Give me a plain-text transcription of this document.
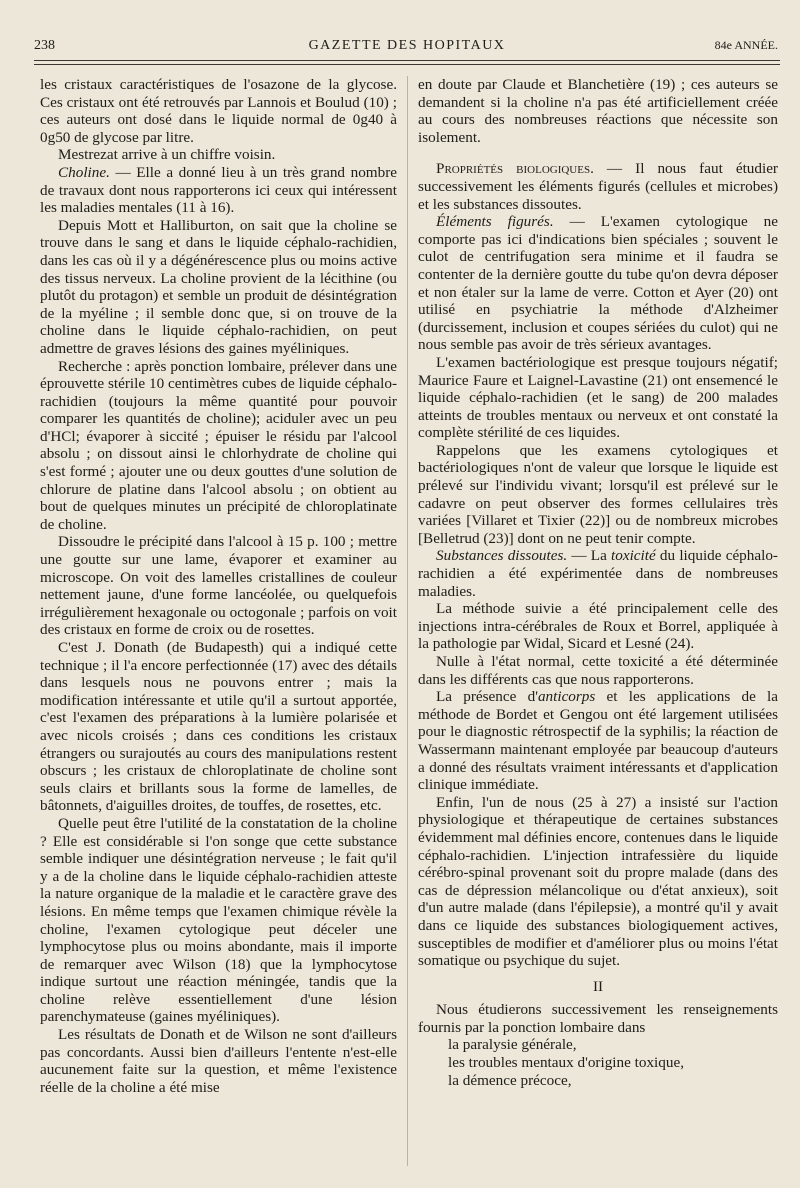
238	GAZETTE DES HOPITAUX	84e ANNÉE.

les cristaux caractéristiques de l'osazone de la glycose. Ces cristaux ont été retrouvés par Lannois et Boulud (10) ; ces auteurs ont dosé dans le liquide normal de 0g40 à 0g50 de glycose par litre.

Mestrezat arrive à un chiffre voisin.

Choline. — Elle a donné lieu à un très grand nombre de travaux dont nous rapporterons ici ceux qui intéressent les maladies mentales (11 à 16).

Depuis Mott et Halliburton, on sait que la choline se trouve dans le sang et dans le liquide céphalo-rachidien, dans les cas où il y a dégénérescence plus ou moins active des tissus nerveux. La choline provient de la lécithine (ou plutôt du protagon) et semble un produit de désintégration de la myéline ; il semble donc que, si on trouve de la choline dans le liquide céphalo-rachidien, on peut admettre de graves lésions des gaines myéliniques.

Recherche : après ponction lombaire, prélever dans une éprouvette stérile 10 centimètres cubes de liquide céphalo-rachidien (toujours la même quantité pour pouvoir comparer les quantités de choline); aciduler avec un peu d'HCl; évaporer à siccité ; épuiser le résidu par l'alcool absolu ; on dissout ainsi le chlorhydrate de choline qui s'est formé ; ajouter une ou deux gouttes d'une solution de chlorure de platine dans l'alcool absolu ; on obtient au bout de quelques minutes un précipité de chloroplatinate de choline.

Dissoudre le précipité dans l'alcool à 15 p. 100 ; mettre une goutte sur une lame, évaporer et examiner au microscope. On voit des lamelles cristallines de couleur nettement jaune, d'une forme lancéolée, ou quelquefois irrégulièrement hexagonale ou octogonale ; parfois on voit des cristaux en forme de croix ou de rosettes.

C'est J. Donath (de Budapesth) qui a indiqué cette technique ; il l'a encore perfectionnée (17) avec des détails dans lesquels nous ne pouvons entrer ; mais la modification intéressante et utile qu'il a surtout apportée, c'est l'examen des préparations à la lumière polarisée et avec nicols croisés ; dans ces conditions les cristaux étrangers ou surajoutés au cours des manipulations restent obscurs ; les cristaux de chloroplatinate de choline sont seuls clairs et brillants sous la forme de lamelles, de bâtonnets, d'aiguilles droites, de touffes, de rosettes, etc.

Quelle peut être l'utilité de la constatation de la choline ? Elle est considérable si l'on songe que cette substance semble indiquer une désintégration nerveuse ; le fait qu'il y a de la choline dans le liquide céphalo-rachidien atteste la nature organique de la maladie et le caractère grave des lésions. En même temps que l'examen chimique révèle la choline, l'examen cytologique peut déceler une lymphocytose plus ou moins abondante, mais il importe de remarquer avec Wilson (18) que la lymphocytose indique surtout une réaction méningée, tandis que la choline relève essentiellement d'une lésion parenchymateuse (gaines myéliniques).

Les résultats de Donath et de Wilson ne sont d'ailleurs pas concordants. Aussi bien d'ailleurs l'entente n'est-elle aucunement faite sur la question, et même l'existence réelle de la choline a été mise

en doute par Claude et Blanchetière (19) ; ces auteurs se demandent si la choline n'a pas été artificiellement créée au cours des nombreuses réactions que nécessite son isolement.

Propriétés biologiques. — Il nous faut étudier successivement les éléments figurés (cellules et microbes) et les substances dissoutes.

Éléments figurés. — L'examen cytologique ne comporte pas ici d'indications bien spéciales ; souvent le culot de centrifugation sera minime et il faudra se contenter de la dernière goutte du tube qu'on devra déposer et non étaler sur la lame de verre. Cotton et Ayer (20) ont utilisé en psychiatrie la méthode d'Alzheimer (durcissement, inclusion et coupes sériées du culot) qui ne nous semble pas avoir de très sérieux avantages.

L'examen bactériologique est presque toujours négatif; Maurice Faure et Laignel-Lavastine (21) ont ensemencé le liquide céphalo-rachidien (et le sang) de 200 malades atteints de troubles mentaux ou nerveux et ont constaté la complète stérilité de ces liquides.

Rappelons que les examens cytologiques et bactériologiques n'ont de valeur que lorsque le liquide est prélevé sur l'individu vivant; lorsqu'il est prélevé sur le cadavre on peut observer des formes cellulaires très variées [Villaret et Tixier (22)] ou de nombreux microbes [Belletrud (23)] dont on ne peut tenir compte.

Substances dissoutes. — La toxicité du liquide céphalo-rachidien a été expérimentée dans de nombreuses maladies.

La méthode suivie a été principalement celle des injections intra-cérébrales de Roux et Borrel, appliquée à la pathologie par Widal, Sicard et Lesné (24).

Nulle à l'état normal, cette toxicité a été déterminée dans les différents cas que nous rapporterons.

La présence d'anticorps et les applications de la méthode de Bordet et Gengou ont été largement utilisées pour le diagnostic rétrospectif de la syphilis; la réaction de Wassermann maintenant employée par beaucoup d'auteurs a donné des résultats vraiment intéressants et d'application clinique immédiate.

Enfin, l'un de nous (25 à 27) a insisté sur l'action physiologique et thérapeutique de certaines substances évidemment mal définies encore, contenues dans le liquide céphalo-rachidien. L'injection intrafessière du liquide cérébro-spinal provenant soit du propre malade (dans des cas de dépression mélancolique ou d'état anxieux), soit d'un autre malade (dans l'épilepsie), a montré qu'il y avait dans ce liquide des substances biologiquement actives, susceptibles de modifier et d'améliorer plus ou moins l'état somatique ou psychique du sujet.

II

Nous étudierons successivement les renseignements fournis par la ponction lombaire dans

la paralysie générale,

les troubles mentaux d'origine toxique,

la démence précoce,
